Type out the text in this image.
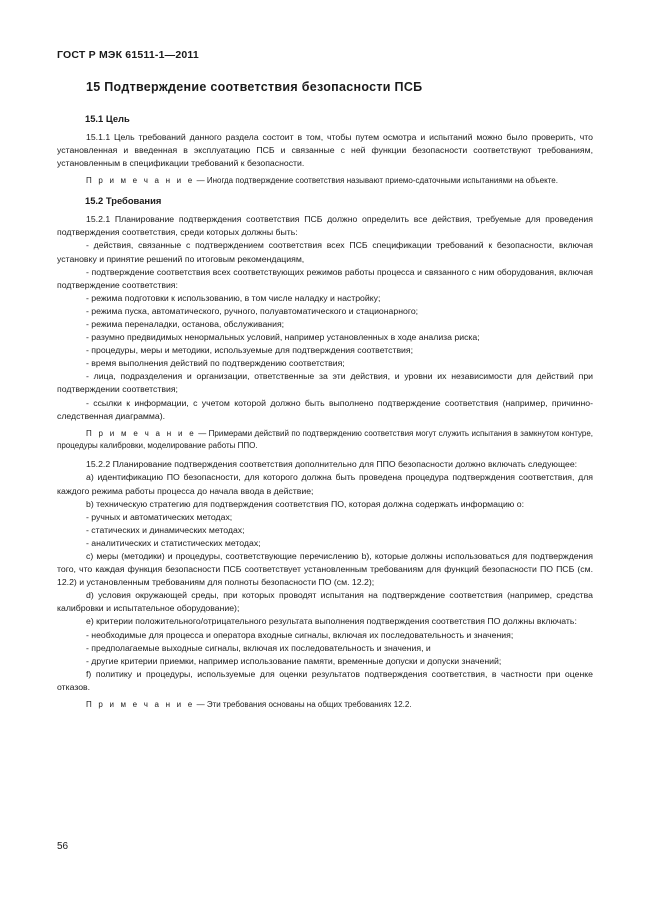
ГОСТ Р МЭК 61511-1—2011
15 Подтверждение соответствия безопасности ПСБ

15.1 Цель

15.1.1 Цель требований данного раздела состоит в том, чтобы путем осмотра и испытаний можно было проверить, что установленная и введенная в эксплуатацию ПСБ и связанные с ней функции безопасности соответствуют требованиям, установленным в спецификации требований к безопасности.

П р и м е ч а н и е — Иногда подтверждение соответствия называют приемо-сдаточными испытаниями на объекте.

15.2 Требования

15.2.1 Планирование подтверждения соответствия ПСБ должно определить все действия, требуемые для проведения подтверждения соответствия, среди которых должны быть:

- действия, связанные с подтверждением соответствия всех ПСБ спецификации требований к безопасности, включая установку и принятие решений по итоговым рекомендациям,

- подтверждение соответствия всех соответствующих режимов работы процесса и связанного с ним оборудования, включая подтверждение соответствия:

- режима подготовки к использованию, в том числе наладку и настройку;

- режима пуска, автоматического, ручного, полуавтоматического и стационарного;

- режима переналадки, останова, обслуживания;

- разумно предвидимых ненормальных условий, например установленных в ходе анализа риска;

- процедуры, меры и методики, используемые для подтверждения соответствия;

- время выполнения действий по подтверждению соответствия;

- лица, подразделения и организации, ответственные за эти действия, и уровни их независимости для действий при подтверждении соответствия;

- ссылки к информации, с учетом которой должно быть выполнено подтверждение соответствия (например, причинно-следственная диаграмма).

П р и м е ч а н и е — Примерами действий по подтверждению соответствия могут служить испытания в замкнутом контуре, процедуры калибровки, моделирование работы ППО.

15.2.2 Планирование подтверждения соответствия дополнительно для ППО безопасности должно включать следующее:

a) идентификацию ПО безопасности, для которого должна быть проведена процедура подтверждения соответствия, для каждого режима работы процесса до начала ввода в действие;

b) техническую стратегию для подтверждения соответствия ПО, которая должна содержать информацию о:

- ручных и автоматических методах;

- статических и динамических методах;

- аналитических и статистических методах;

c) меры (методики) и процедуры, соответствующие перечислению b), которые должны использоваться для подтверждения того, что каждая функция безопасности ПСБ соответствует установленным требованиям для функций безопасности ПО ПСБ (см. 12.2) и установленным требованиям для полноты безопасности ПО (см. 12.2);

d) условия окружающей среды, при которых проводят испытания на подтверждение соответствия (например, средства калибровки и испытательное оборудование);

e) критерии положительного/отрицательного результата выполнения подтверждения соответствия ПО должны включать:

- необходимые для процесса и оператора входные сигналы, включая их последовательность и значения;

- предполагаемые выходные сигналы, включая их последовательность и значения, и

- другие критерии приемки, например использование памяти, временные допуски и допуски значений;

f) политику и процедуры, используемые для оценки результатов подтверждения соответствия, в частности при оценке отказов.

П р и м е ч а н и е — Эти требования основаны на общих требованиях 12.2.

56
